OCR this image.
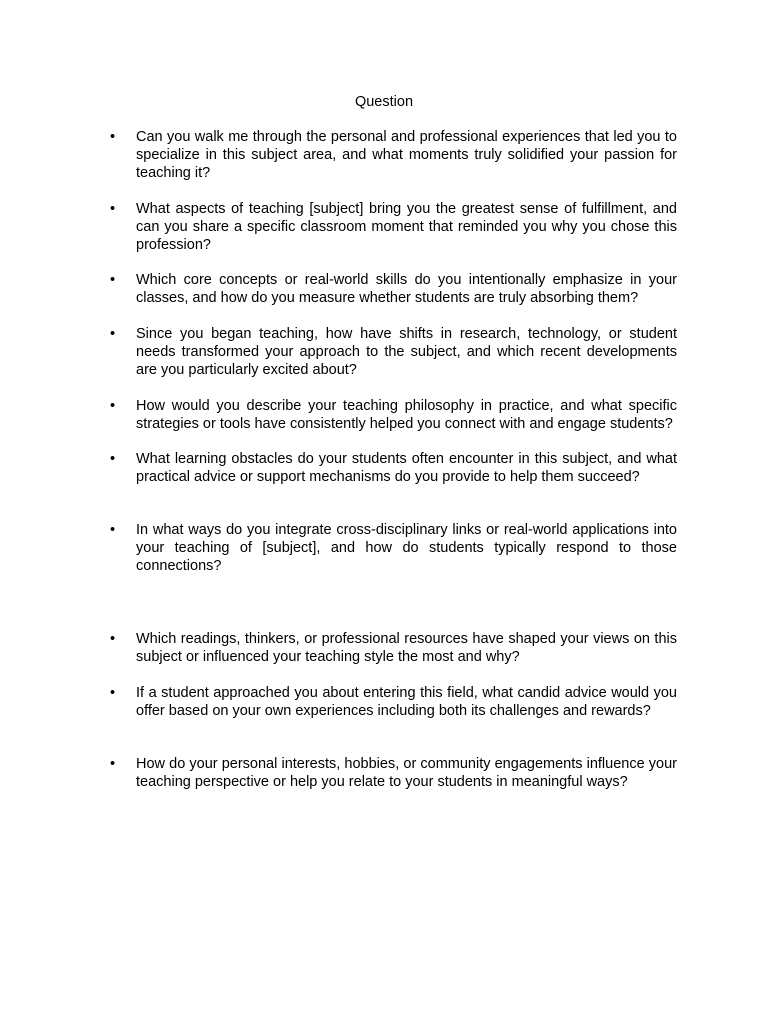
Question
•	Can you walk me through the personal and professional experiences that led you to specialize in this subject area, and what moments truly solidified your passion for teaching it?
•	What aspects of teaching [subject] bring you the greatest sense of fulfillment, and can you share a specific classroom moment that reminded you why you chose this profession?
•	Which core concepts or real-world skills do you intentionally emphasize in your classes, and how do you measure whether students are truly absorbing them?
•	Since you began teaching, how have shifts in research, technology, or student needs transformed your approach to the subject, and which recent developments are you particularly excited about?
•	How would you describe your teaching philosophy in practice, and what specific strategies or tools have consistently helped you connect with and engage students?
•	What learning obstacles do your students often encounter in this subject, and what practical advice or support mechanisms do you provide to help them succeed?
•	In what ways do you integrate cross-disciplinary links or real-world applications into your teaching of [subject], and how do students typically respond to those connections?
•	Which readings, thinkers, or professional resources have shaped your views on this subject or influenced your teaching style the most and why?
•	If a student approached you about entering this field, what candid advice would you offer based on your own experiences including both its challenges and rewards?
•	How do your personal interests, hobbies, or community engagements influence your teaching perspective or help you relate to your students in meaningful ways?
